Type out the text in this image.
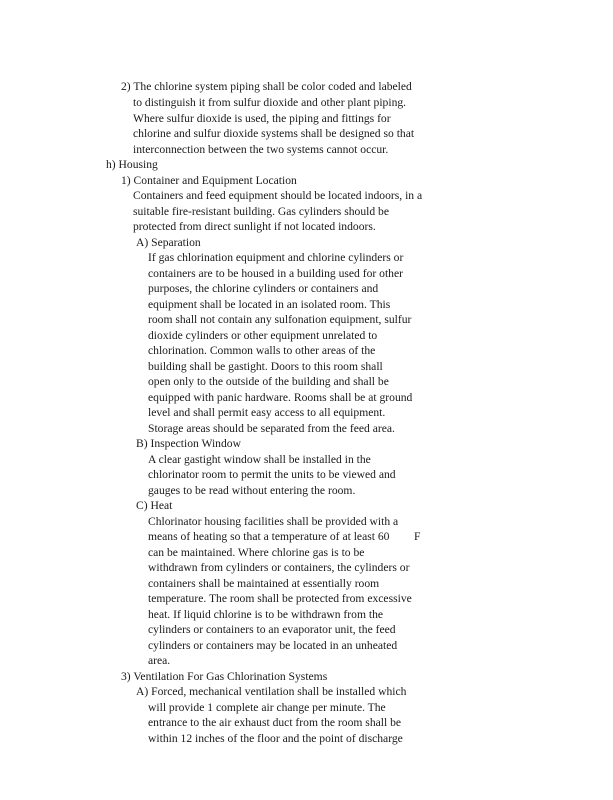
2) The chlorine system piping shall be color coded and labeled
to distinguish it from sulfur dioxide and other plant piping.
Where sulfur dioxide is used, the piping and fittings for
chlorine and sulfur dioxide systems shall be designed so that
interconnection between the two systems cannot occur.
h) Housing
1) Container and Equipment Location
Containers and feed equipment should be located indoors, in a
suitable fire-resistant building. Gas cylinders should be
protected from direct sunlight if not located indoors.
A) Separation
If gas chlorination equipment and chlorine cylinders or
containers are to be housed in a building used for other
purposes, the chlorine cylinders or containers and
equipment shall be located in an isolated room. This
room shall not contain any sulfonation equipment, sulfur
dioxide cylinders or other equipment unrelated to
chlorination. Common walls to other areas of the
building shall be gastight. Doors to this room shall
open only to the outside of the building and shall be
equipped with panic hardware. Rooms shall be at ground
level and shall permit easy access to all equipment.
Storage areas should be separated from the feed area.
B) Inspection Window
A clear gastight window shall be installed in the
chlorinator room to permit the units to be viewed and
gauges to be read without entering the room.
C) Heat
Chlorinator housing facilities shall be provided with a
means of heating so that a temperature of at least 60 F
can be maintained. Where chlorine gas is to be
withdrawn from cylinders or containers, the cylinders or
containers shall be maintained at essentially room
temperature. The room shall be protected from excessive
heat. If liquid chlorine is to be withdrawn from the
cylinders or containers to an evaporator unit, the feed
cylinders or containers may be located in an unheated
area.
3) Ventilation For Gas Chlorination Systems
A) Forced, mechanical ventilation shall be installed which
will provide 1 complete air change per minute. The
entrance to the air exhaust duct from the room shall be
within 12 inches of the floor and the point of discharge
